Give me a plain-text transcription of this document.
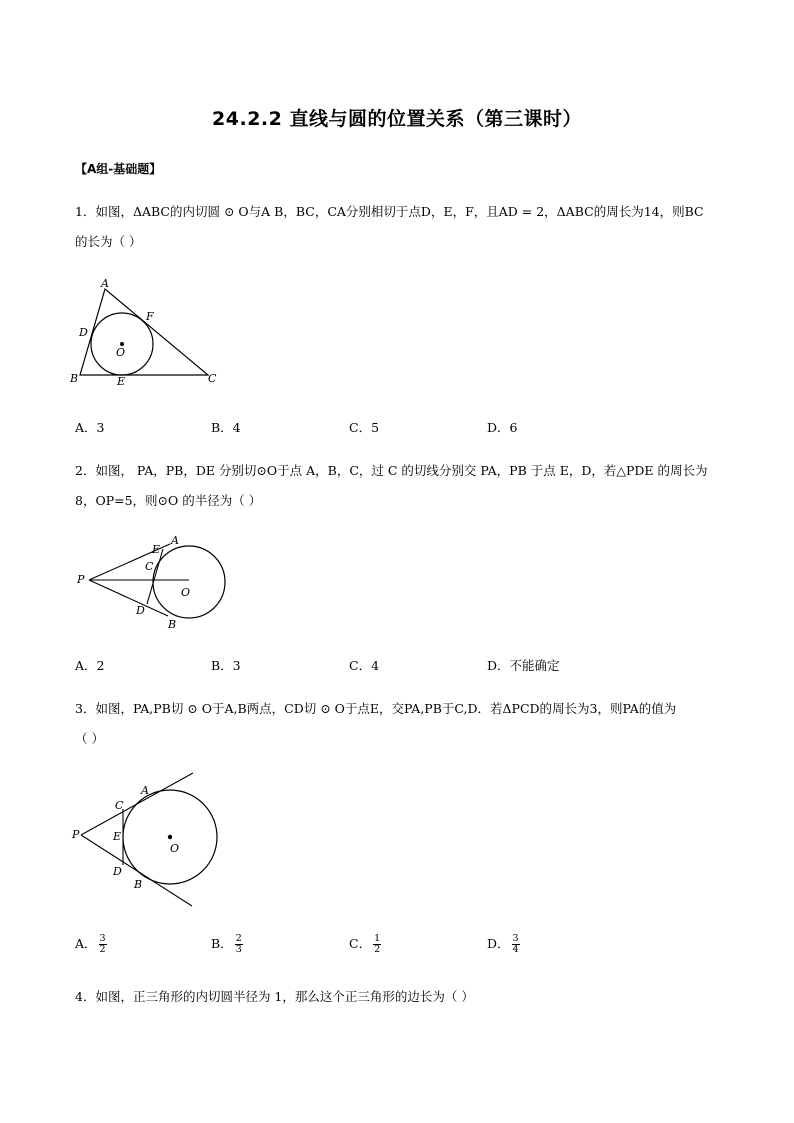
24.2.2 直线与圆的位置关系（第三课时）
【A组-基础题】
1．如图，ΔABC的内切圆 ⊙ O与A B，BC，CA分别相切于点D，E，F，且AD = 2，ΔABC的周长为14，则BC
的长为（ ）
A
B	C
D
E
F
O
A．3	B．4	C．5	D．6
2．如图， PA，PB，DE 分别切⊙O于点 A，B，C，过 C 的切线分别交 PA，PB 于点 E，D，若△PDE 的周长为
8，OP=5，则⊙O 的半径为（ ）
P
A
B
C
D
E
O
A．2	B．3	C．4	D．不能确定
3．如图，PA,PB切 ⊙ O于A,B两点，CD切 ⊙ O于点E，交PA,PB于C,D．若ΔPCD的周长为3，则PA的值为
（ ）
P
A
B
C
D
E
O
A． $\frac{3}{2}$	B． $\frac{2}{3}$	C． $\frac{1}{2}$	D． $\frac{3}{4}$
4．如图，正三角形的内切圆半径为 1，那么这个正三角形的边长为（ ）
